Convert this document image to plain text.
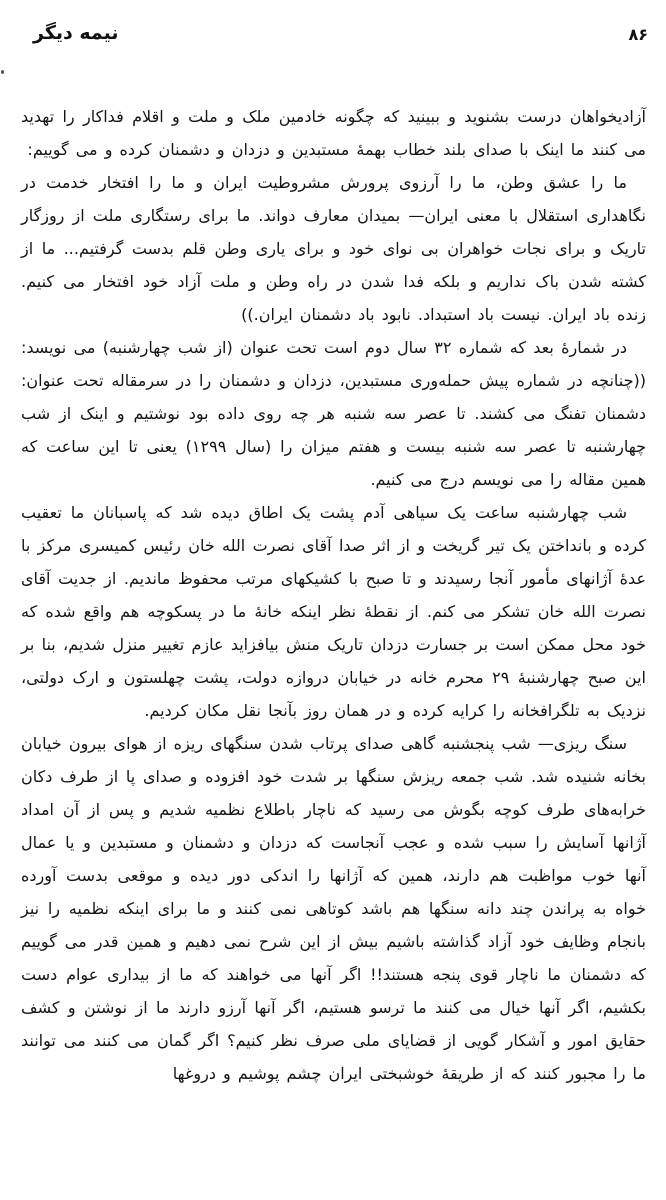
نیمه دیگر	۸۶

آزادیخواهان درست بشنوید و ببینید که چگونه خادمین ملک و ملت و اقلام فداکار را تهدید می کنند ما اینک با صدای بلند خطاب بهمهٔ مستبدین و دزدان و دشمنان کرده و می گوییم:

ما را عشق وطن، ما را آرزوی پرورش مشروطیت ایران و ما را افتخار خدمت در نگاهداری استقلال با معنی ایران— بمیدان معارف دواند. ما برای رستگاری ملت از روزگار تاریک و برای نجات خواهران بی نوای خود و برای یاری وطن قلم بدست گرفتیم... ما از کشته شدن باک نداریم و بلکه فدا شدن در راه وطن و ملت آزاد خود افتخار می کنیم. زنده باد ایران. نیست باد استبداد. نابود باد دشمنان ایران.))

در شمارهٔ بعد که شماره ۳۲ سال دوم است تحت عنوان (از شب چهارشنبه) می نویسد: ((چنانچه در شماره پیش حمله‌وری مستبدین، دزدان و دشمنان را در سرمقاله تحت عنوان: دشمنان تفنگ می کشند. تا عصر سه شنبه هر چه روی داده بود نوشتیم و اینک از شب چهارشنبه تا عصر سه شنبه بیست و هفتم میزان را (سال ۱۲۹۹) یعنی تا این ساعت که همین مقاله را می نویسم درج می کنیم.

شب چهارشنبه ساعت یک سیاهی آدم پشت یک اطاق دیده شد که پاسبانان ما تعقیب کرده و بانداختن یک تیر گریخت و از اثر صدا آقای نصرت الله خان رئیس کمیسری مرکز با عدهٔ آژانهای مأمور آنجا رسیدند و تا صبح با کشیکهای مرتب محفوظ ماندیم. از جدیت آقای نصرت الله خان تشکر می کنم. از نقطهٔ نظر اینکه خانهٔ ما در پسکوچه هم واقع شده که خود محل ممکن است بر جسارت دزدان تاریک منش بیافزاید عازم تغییر منزل شدیم، بنا بر این صبح چهارشنبهٔ ۲۹ محرم خانه در خیابان دروازه دولت، پشت چهلستون و ارک دولتی، نزدیک به تلگرافخانه را کرایه کرده و در همان روز بآنجا نقل مکان کردیم.

سنگ ریزی— شب پنجشنبه گاهی صدای پرتاب شدن سنگهای ریزه از هوای بیرون خیابان بخانه شنیده شد. شب جمعه ریزش سنگها بر شدت خود افزوده و صدای پا از طرف دکان خرابه‌های طرف کوچه بگوش می رسید که ناچار باطلاع نظمیه شدیم و پس از آن امداد آژانها آسایش را سبب شده و عجب آنجاست که دزدان و دشمنان و مستبدین و یا عمال آنها خوب مواظبت هم دارند، همین که آژانها را اندکی دور دیده و موقعی بدست آورده خواه به پراندن چند دانه سنگها هم باشد کوتاهی نمی کنند و ما برای اینکه نظمیه را نیز بانجام وظایف خود آزاد گذاشته باشیم بیش از این شرح نمی دهیم و همین قدر می گوییم که دشمنان ما ناچار قوی پنجه هستند!! اگر آنها می خواهند که ما از بیداری عوام دست بکشیم، اگر آنها خیال می کنند ما ترسو هستیم، اگر آنها آرزو دارند ما از نوشتن و کشف حقایق امور و آشکار گویی از قضایای ملی صرف نظر کنیم؟ اگر گمان می کنند می توانند ما را مجبور کنند که از طریقهٔ خوشبختی ایران چشم پوشیم و دروغها
